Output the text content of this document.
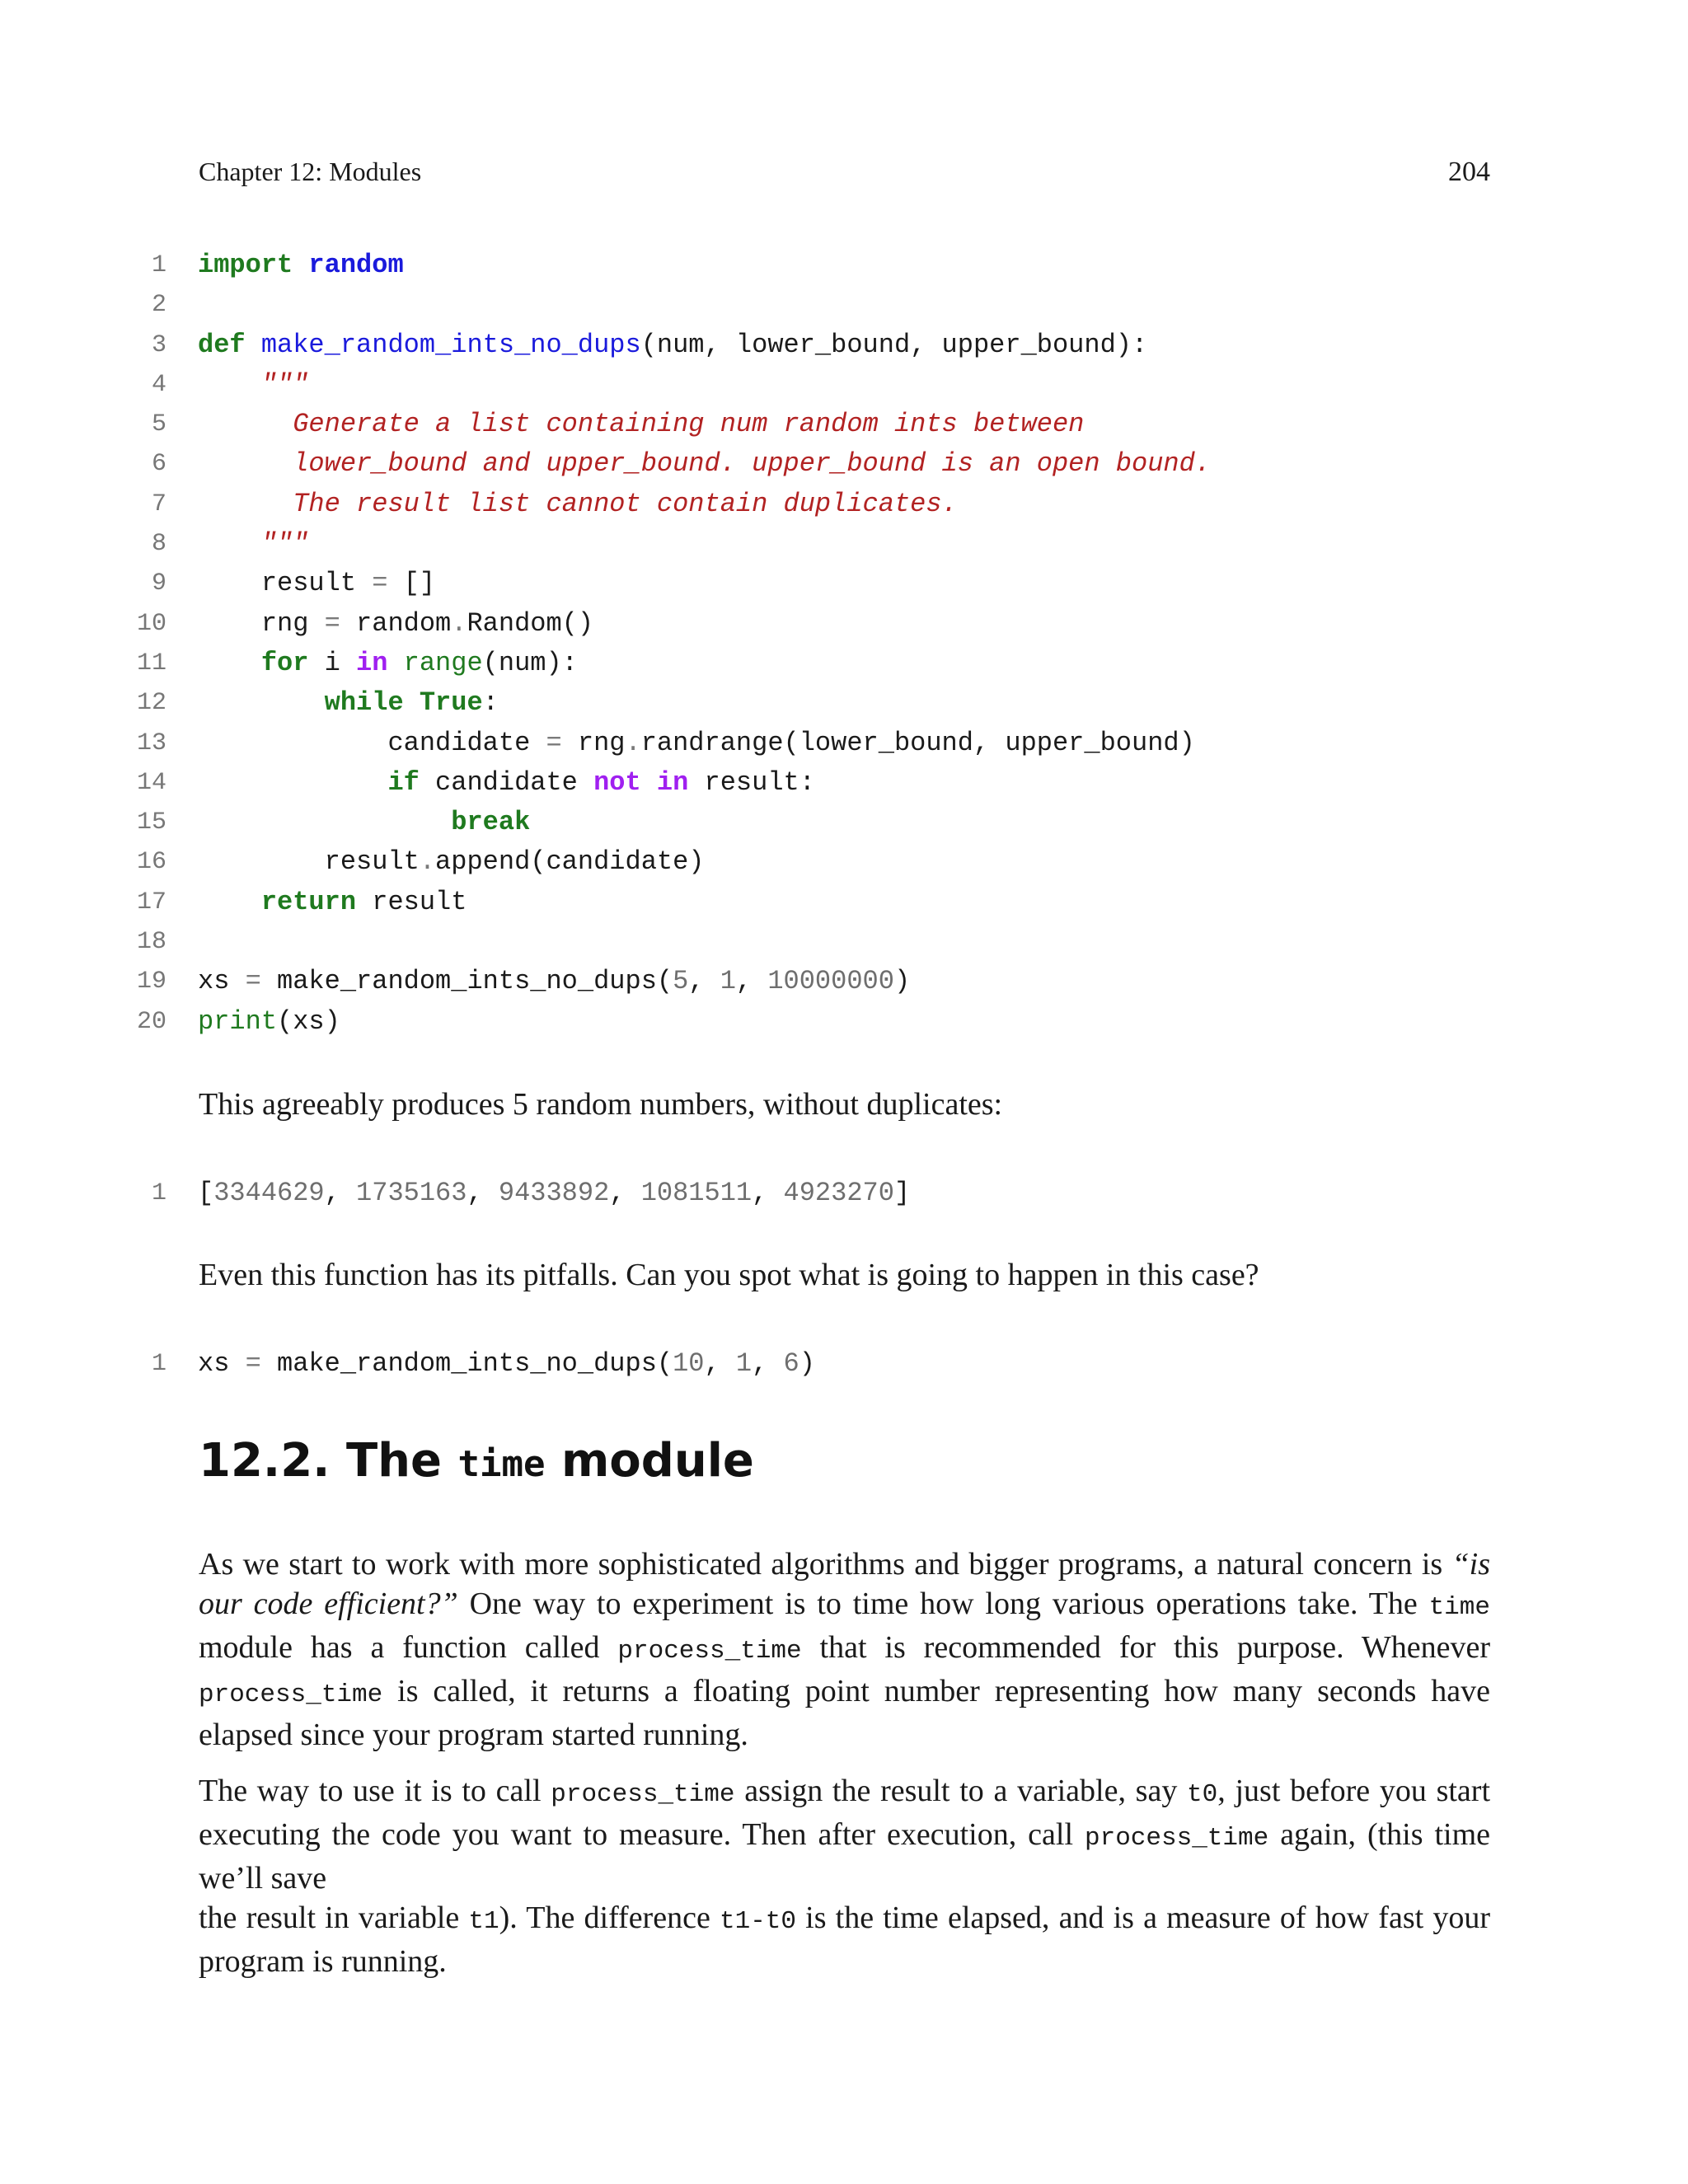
Chapter 12: Modules	204
1 import random
2
3 def make_random_ints_no_dups(num, lower_bound, upper_bound):
4	"""
5	Generate a list containing num random ints between
6	lower_bound and upper_bound. upper_bound is an open bound.
7	The result list cannot contain duplicates.
8	"""
9 result = []
10 rng = random.Random()
11	for i in range(num):
12	while True:
13 candidate = rng.randrange(lower_bound, upper_bound)
14	if candidate not in result:
15	break
16 result.append(candidate)
17	return result
18
19 xs = make_random_ints_no_dups(5, 1, 10000000)
20 print(xs)

This agreeably produces 5 random numbers, without duplicates:

1 [3344629, 1735163, 9433892, 1081511, 4923270]

Even this function has its pitfalls. Can you spot what is going to happen in this case?

1 xs = make_random_ints_no_dups(10, 1, 6)
12.2. The time module

As we start to work with more sophisticated algorithms and bigger programs, a natural concern is “is our code efficient?” One way to experiment is to time how long various operations take. The time module has a function called process_time that is recommended for this purpose. Whenever process_time is called, it returns a floating point number representing how many seconds have elapsed since your program started running.

The way to use it is to call process_time assign the result to a variable, say t0, just before you start executing the code you want to measure. Then after execution, call process_time again, (this time we’ll save
the result in variable t1). The difference t1-t0 is the time elapsed, and is a measure of how fast your program is running.
